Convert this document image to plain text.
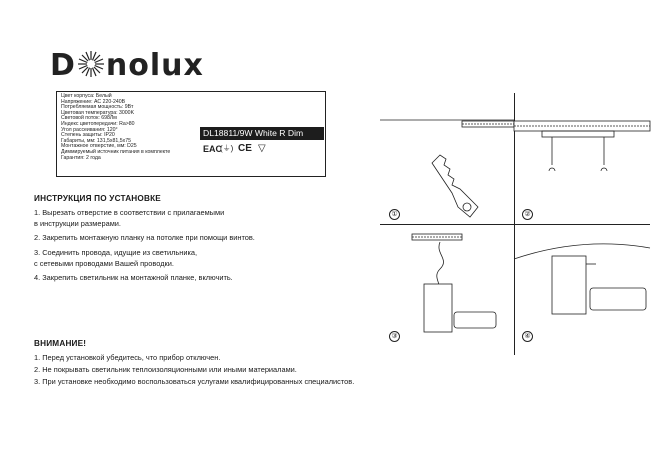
D nolux
Цвет корпуса: Белый
Напряжение: AC 220-240В
Потребляемая мощность: 9Вт
Цветовая температура: 3000K
Световой поток: 698Лм
Индекс цветопередачи: Ra>80
Угол рассеивания: 120°
Степень защиты: IP20
Габариты, мм: 131,5x81,5x75
Монтажное отверстие, мм: D25
Диммируемый источник питания в комплекте
Гарантия: 2 года
DL18811/9W White R Dim
EAC
(⏚) CE ▽
ИНСТРУКЦИЯ ПО УСТАНОВКЕ
1. Вырезать отверстие в соответствии с прилагаемыми
в инструкции размерами.
2. Закрепить монтажную планку на потолке при помощи винтов.
3. Соединить провода, идущие из светильника,
с сетевыми проводами Вашей проводки.
4. Закрепить светильник на монтажной планке, включить.
ВНИМАНИЕ!
1. Перед установкой убедитесь, что прибор отключен.
2. Не покрывать светильник теплоизоляционными или иными материалами.
3. При установке необходимо воспользоваться услугами квалифицированных специалистов.
①	②
③	④
